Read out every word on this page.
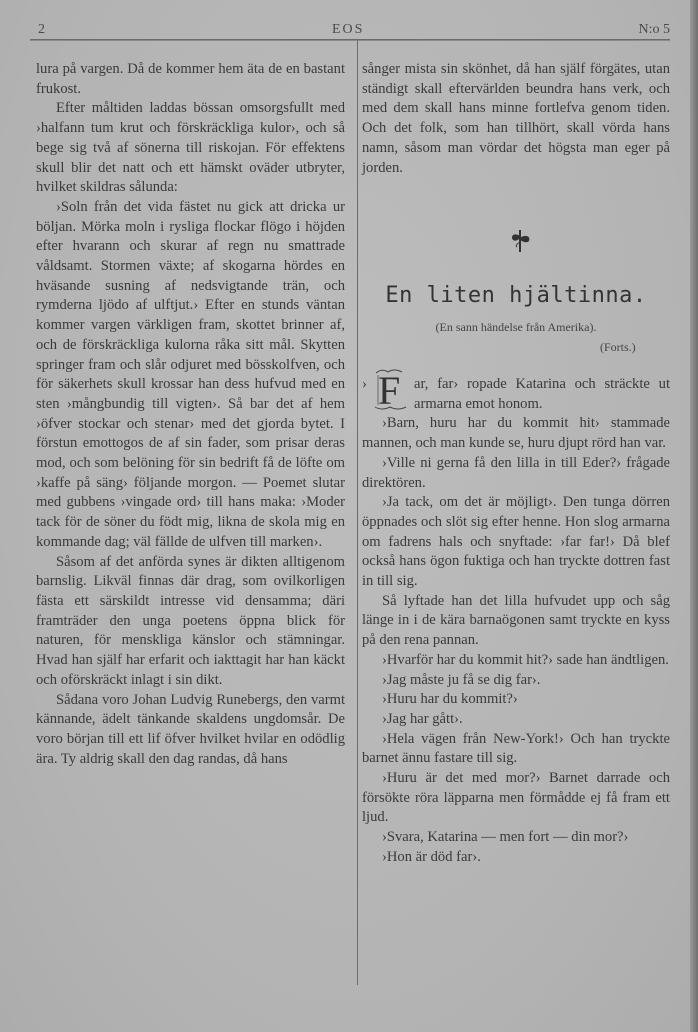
2	EOS	N:o 5

lura på vargen. Då de kommer hem äta de en bastant frukost.

Efter måltiden laddas bössan omsorgsfullt med ›halfann tum krut och förskräckliga kulor›, och så bege sig två af sönerna till riskojan. För effektens skull blir det natt och ett hämskt oväder utbryter, hvilket skildras sålunda:

›Soln från det vida fästet nu gick att dricka ur böljan. Mörka moln i rysliga flockar flögo i höjden efter hvarann och skurar af regn nu smattrade våldsamt. Stormen växte; af skogarna hördes en hväsande susning af nedsvigtande trän, och rymderna ljödo af ulftjut.› Efter en stunds väntan kommer vargen värkligen fram, skottet brinner af, och de förskräckliga kulorna råka sitt mål. Skytten springer fram och slår odjuret med bösskolfven, och för säkerhets skull krossar han dess hufvud med en sten ›mångbundig till vigten›. Så bar det af hem ›öfver stockar och stenar› med det gjorda bytet. I förstun emottogos de af sin fader, som prisar deras mod, och som belöning för sin bedrift få de löfte om ›kaffe på säng› följande morgon. — Poemet slutar med gubbens ›vingade ord› till hans maka: ›Moder tack för de söner du födt mig, likna de skola mig en kommande dag; väl fällde de ulfven till marken›.

Såsom af det anförda synes är dikten alltigenom barnslig. Likväl finnas där drag, som ovilkorligen fästa ett särskildt intresse vid densamma; däri framträder den unga poetens öppna blick för naturen, för menskliga känslor och stämningar. Hvad han själf har erfarit och iakttagit har han käckt och oförskräckt inlagt i sin dikt.

Sådana voro Johan Ludvig Runebergs, den varmt kännande, ädelt tänkande skaldens ungdomsår. De voro början till ett lif öfver hvilket hvilar en odödlig ära. Ty aldrig skall den dag randas, då hans

sånger mista sin skönhet, då han själf förgätes, utan ständigt skall eftervärlden beundra hans verk, och med dem skall hans minne fortlefva genom tiden. Och det folk, som han tillhört, skall vörda hans namn, såsom man vördar det högsta man eger på jorden.

En liten hjältinna.
(En sann händelse från Amerika).
(Forts.)

› F ar, far› ropade Katarina och sträckte ut armarna emot honom.

›Barn, huru har du kommit hit› stammade mannen, och man kunde se, huru djupt rörd han var.

›Ville ni gerna få den lilla in till Eder?› frågade direktören.

›Ja tack, om det är möjligt›. Den tunga dörren öppnades och slöt sig efter henne. Hon slog armarna om fadrens hals och snyftade: ›far far!› Då blef också hans ögon fuktiga och han tryckte dottren fast in till sig.

Så lyftade han det lilla hufvudet upp och såg länge in i de kära barnaögonen samt tryckte en kyss på den rena pannan.

›Hvarför har du kommit hit?› sade han ändtligen.

›Jag måste ju få se dig far›.

›Huru har du kommit?›

›Jag har gått›.

›Hela vägen från New-York!› Och han tryckte barnet ännu fastare till sig.

›Huru är det med mor?› Barnet darrade och försökte röra läpparna men förmådde ej få fram ett ljud.

›Svara, Katarina — men fort — din mor?›

›Hon är död far›.
